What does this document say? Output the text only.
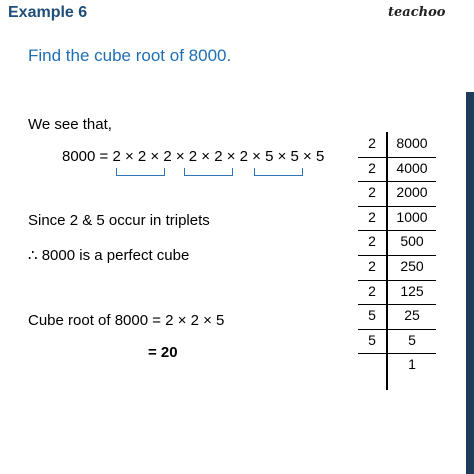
Example 6	teachoo
Find the cube root of 8000.
We see that,
8000 = 2 × 2 × 2 × 2 × 2 × 2 × 5 × 5 × 5
Since 2 & 5 occur in triplets
∴ 8000 is a perfect cube
Cube root of 8000 = 2 × 2 × 5
= 20
2	8000
2	4000
2	2000
2	1000
2	500
2	250
2	125
5	25
5	5
1
